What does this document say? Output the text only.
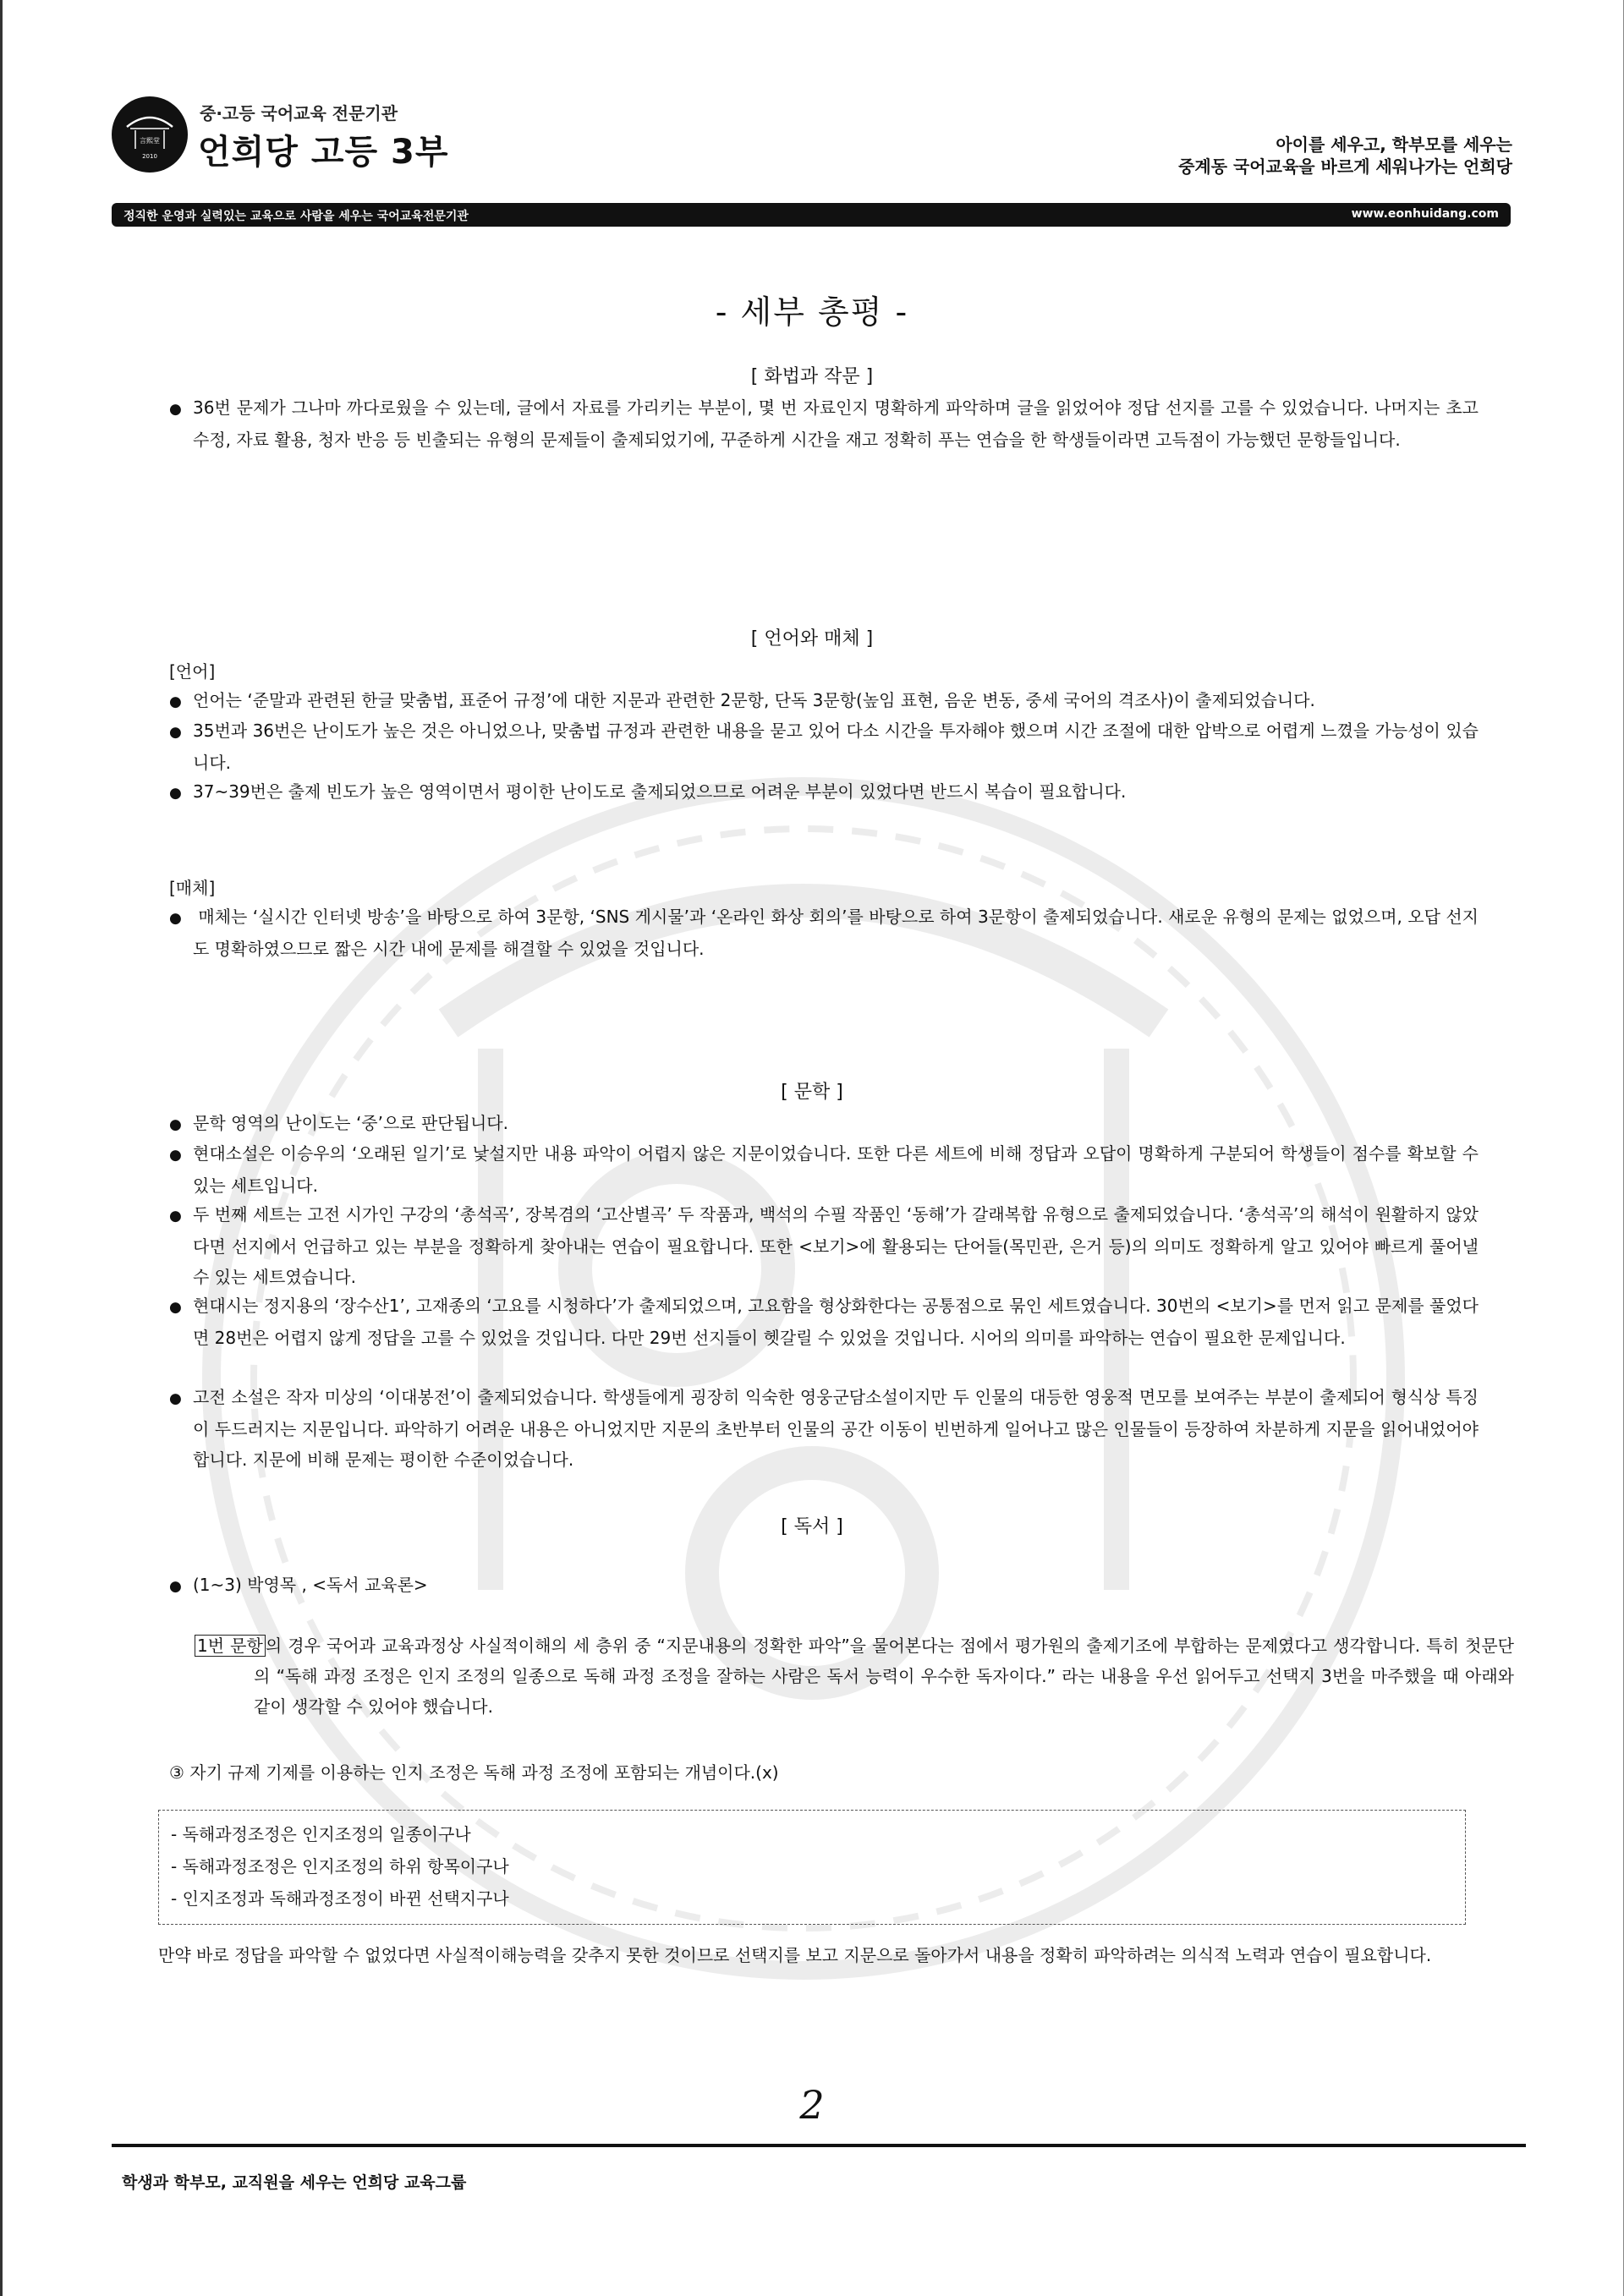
言熙堂
2010
중·고등 국어교육 전문기관
언희당 고등 3부	아이를 세우고, 학부모를 세우는
중계동 국어교육을 바르게 세워나가는 언희당
정직한 운영과 실력있는 교육으로 사람을 세우는 국어교육전문기관	www.eonhuidang.com
- 세부 총평 -
[ 화법과 작문 ]
● 36번 문제가 그나마 까다로웠을 수 있는데, 글에서 자료를 가리키는 부분이, 몇 번 자료인지 명확하게 파악하며 글을 읽었어야 정답 선지를 고를 수 있었습니다. 나머지는 초고 수정, 자료 활용, 청자 반응 등 빈출되는 유형의 문제들이 출제되었기에, 꾸준하게 시간을 재고 정확히 푸는 연습을 한 학생들이라면 고득점이 가능했던 문항들입니다.
[ 언어와 매체 ]
[언어]
● 언어는 ‘준말과 관련된 한글 맞춤법, 표준어 규정’에 대한 지문과 관련한 2문항, 단독 3문항(높임 표현, 음운 변동, 중세 국어의 격조사)이 출제되었습니다.
● 35번과 36번은 난이도가 높은 것은 아니었으나, 맞춤법 규정과 관련한 내용을 묻고 있어 다소 시간을 투자해야 했으며 시간 조절에 대한 압박으로 어렵게 느꼈을 가능성이 있습니다.
● 37~39번은 출제 빈도가 높은 영역이면서 평이한 난이도로 출제되었으므로 어려운 부분이 있었다면 반드시 복습이 필요합니다.
[매체]
● 매체는 ‘실시간 인터넷 방송’을 바탕으로 하여 3문항, ‘SNS 게시물’과 ‘온라인 화상 회의’를 바탕으로 하여 3문항이 출제되었습니다. 새로운 유형의 문제는 없었으며, 오답 선지도 명확하였으므로 짧은 시간 내에 문제를 해결할 수 있었을 것입니다.
[ 문학 ]
● 문학 영역의 난이도는 ‘중’으로 판단됩니다.
● 현대소설은 이승우의 ‘오래된 일기’로 낯설지만 내용 파악이 어렵지 않은 지문이었습니다. 또한 다른 세트에 비해 정답과 오답이 명확하게 구분되어 학생들이 점수를 확보할 수 있는 세트입니다.
● 두 번째 세트는 고전 시가인 구강의 ‘총석곡’, 장복겸의 ‘고산별곡’ 두 작품과, 백석의 수필 작품인 ‘동해’가 갈래복합 유형으로 출제되었습니다. ‘총석곡’의 해석이 원활하지 않았다면 선지에서 언급하고 있는 부분을 정확하게 찾아내는 연습이 필요합니다. 또한 <보기>에 활용되는 단어들(목민관, 은거 등)의 의미도 정확하게 알고 있어야 빠르게 풀어낼 수 있는 세트였습니다.
● 현대시는 정지용의 ‘장수산1’, 고재종의 ‘고요를 시청하다’가 출제되었으며, 고요함을 형상화한다는 공통점으로 묶인 세트였습니다. 30번의 <보기>를 먼저 읽고 문제를 풀었다면 28번은 어렵지 않게 정답을 고를 수 있었을 것입니다. 다만 29번 선지들이 헷갈릴 수 있었을 것입니다. 시어의 의미를 파악하는 연습이 필요한 문제입니다.
● 고전 소설은 작자 미상의 ‘이대봉전’이 출제되었습니다. 학생들에게 굉장히 익숙한 영웅군담소설이지만 두 인물의 대등한 영웅적 면모를 보여주는 부분이 출제되어 형식상 특징이 두드러지는 지문입니다. 파악하기 어려운 내용은 아니었지만 지문의 초반부터 인물의 공간 이동이 빈번하게 일어나고 많은 인물들이 등장하여 차분하게 지문을 읽어내었어야 합니다. 지문에 비해 문제는 평이한 수준이었습니다.
[ 독서 ]
● (1~3) 박영목 , <독서 교육론>
1번 문항 의 경우 국어과 교육과정상 사실적이해의 세 층위 중 “지문내용의 정확한 파악”을 물어본다는 점에서 평가원의 출제기조에 부합하는 문제였다고 생각합니다. 특히 첫문단의 “독해 과정 조정은 인지 조정의 일종으로 독해 과정 조정을 잘하는 사람은 독서 능력이 우수한 독자이다.” 라는 내용을 우선 읽어두고 선택지 3번을 마주했을 때 아래와 같이 생각할 수 있어야 했습니다.
③ 자기 규제 기제를 이용하는 인지 조정은 독해 과정 조정에 포함되는 개념이다.(x)
- 독해과정조정은 인지조정의 일종이구나
- 독해과정조정은 인지조정의 하위 항목이구나
- 인지조정과 독해과정조정이 바뀐 선택지구나
만약 바로 정답을 파악할 수 없었다면 사실적이해능력을 갖추지 못한 것이므로 선택지를 보고 지문으로 돌아가서 내용을 정확히 파악하려는 의식적 노력과 연습이 필요합니다.
2
학생과 학부모, 교직원을 세우는 언희당 교육그룹
